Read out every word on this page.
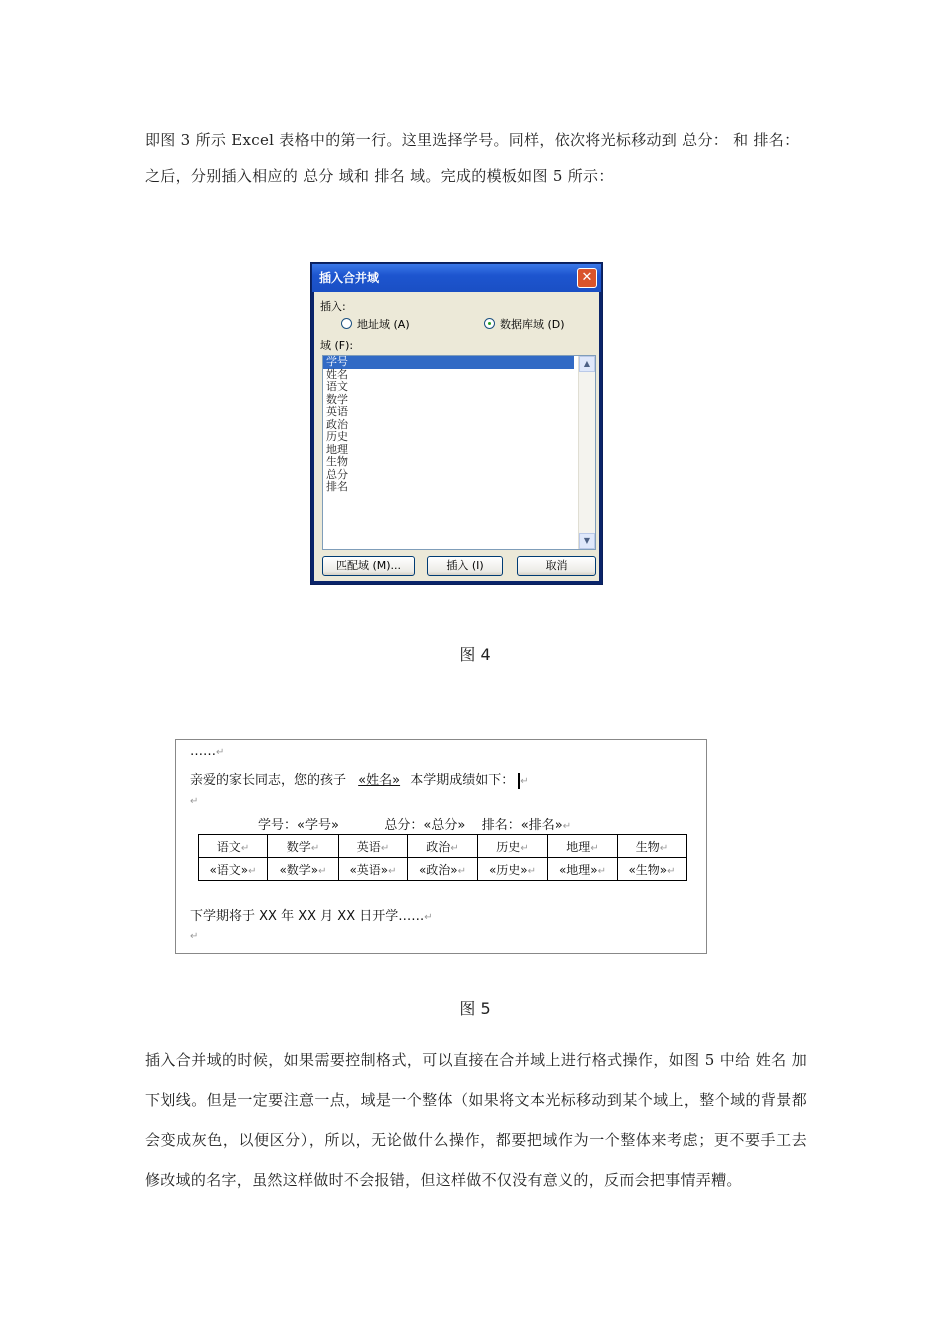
即图 3 所示 Excel 表格中的第一行。这里选择学号。同样，依次将光标移动到 总分： 和 排名： 之后，分别插入相应的 总分 域和 排名 域。完成的模板如图 5 所示：
插入合并域	✕
插入:
地址域 (A)	数据库域 (D)
域 (F):
学号
姓名
语文
数学
英语
政治
历史
地理
生物
总分
排名
▲
▼
匹配域 (M)...	插入 (I)	取消
图 4
……↵
亲爱的家长同志，您的孩子 «姓名» 本学期成绩如下： ↵
↵
学号：«学号»           总分：«总分»    排名：«排名»↵
语文↵	数学↵	英语↵	政治↵	历史↵	地理↵	生物↵
«语文»↵	«数学»↵	«英语»↵	«政治»↵	«历史»↵	«地理»↵	«生物»↵
下学期将于 XX 年 XX 月 XX 日开学……↵
↵
图 5
插入合并域的时候，如果需要控制格式，可以直接在合并域上进行格式操作，如图 5 中给 姓名 加下划线。但是一定要注意一点，域是一个整体（如果将文本光标移动到某个域上，整个域的背景都会变成灰色，以便区分），所以，无论做什么操作，都要把域作为一个整体来考虑；更不要手工去修改域的名字，虽然这样做时不会报错，但这样做不仅没有意义的，反而会把事情弄糟。
